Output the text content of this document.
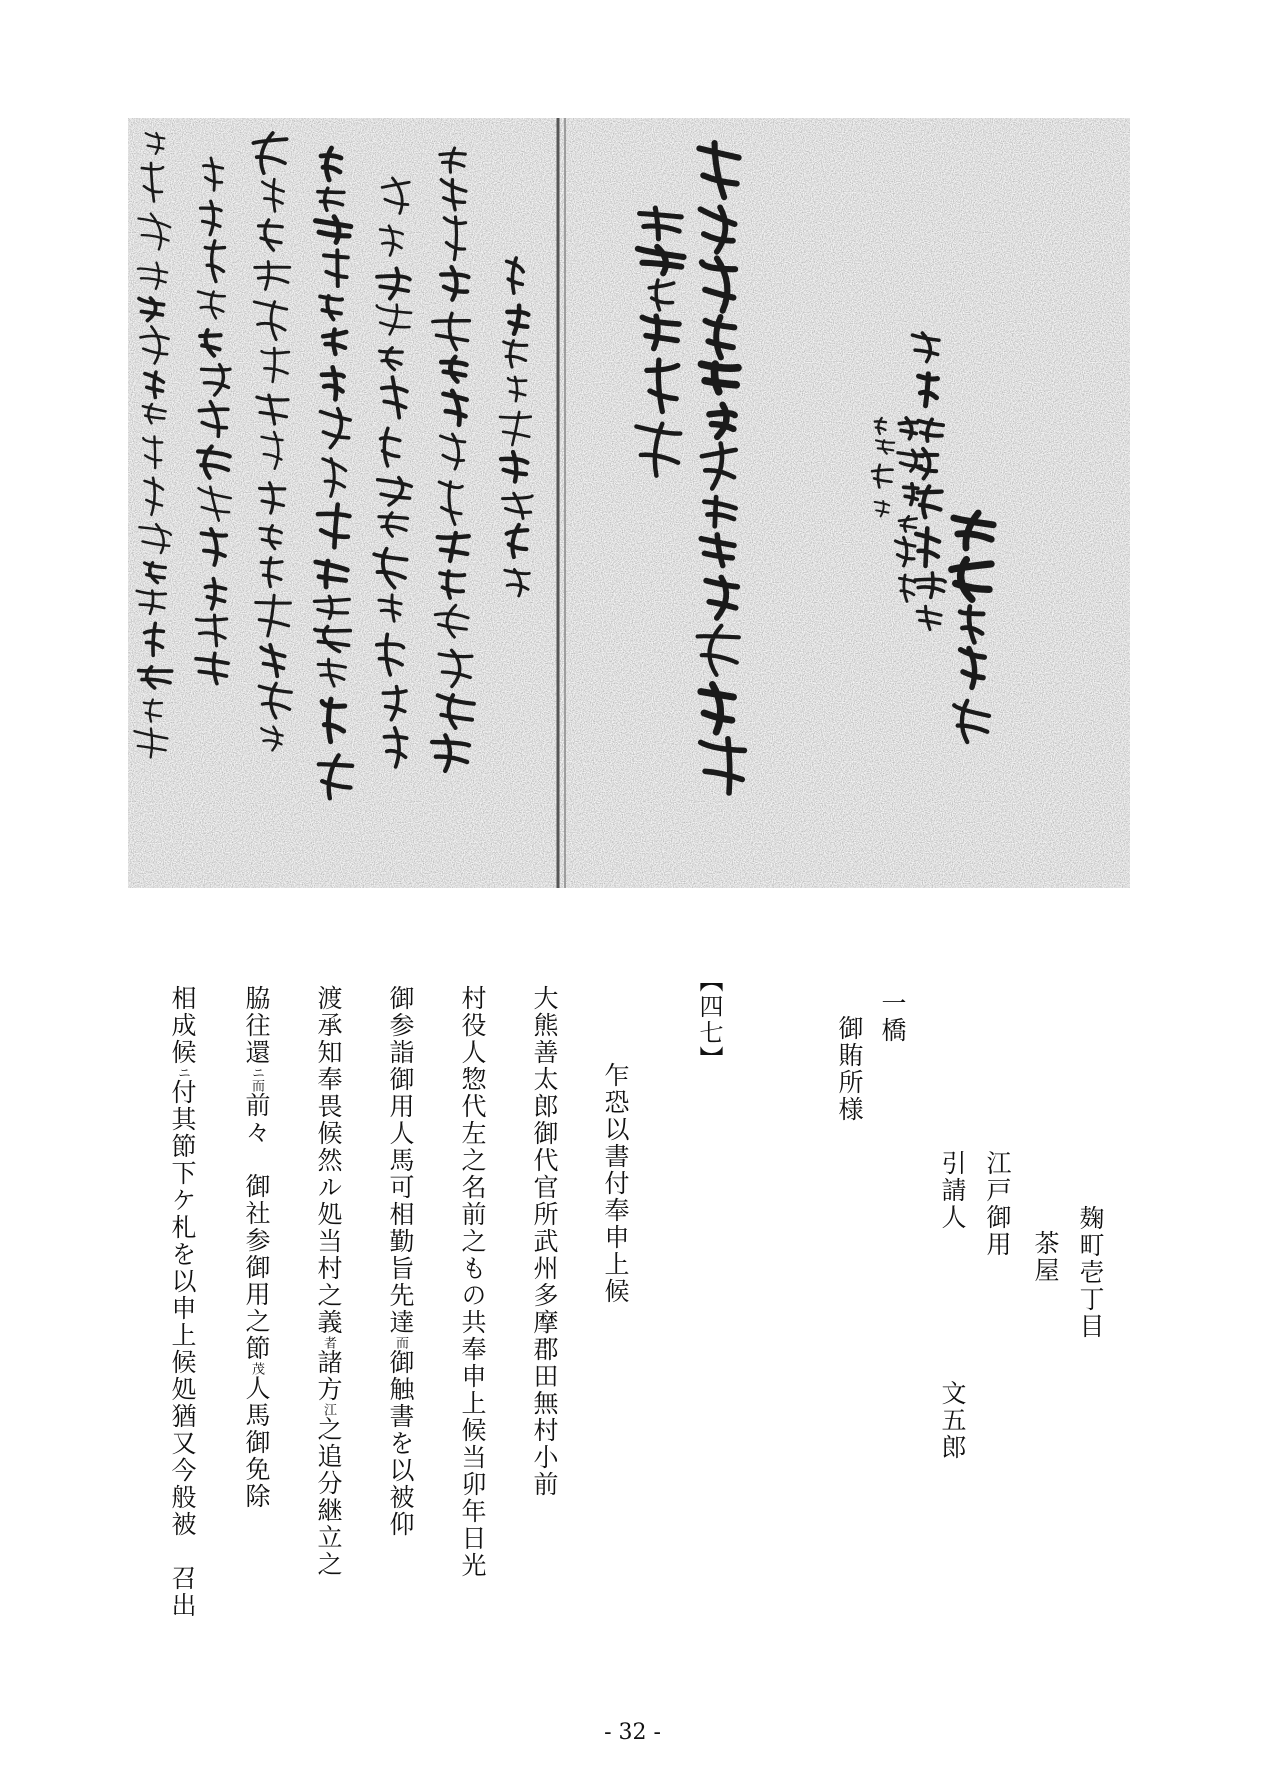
麹町壱丁目
茶屋
江戸御用
引請人
文五郎
一橋
御賄所様
【四七】
乍恐以書付奉申上候
大熊善太郎御代官所武州多摩郡田無村小前
村役人惣代左之名前之もの共奉申上候当卯年日光
御参詣御用人馬可相勤旨先達而御触書を以被仰
渡承知奉畏候然ル処当村之義者諸方江之追分継立之
脇往還ニ而前々　御社参御用之節茂人馬御免除
相成候ニ付其節下ケ札を以申上候処猶又今般被　召出
- 32 -
